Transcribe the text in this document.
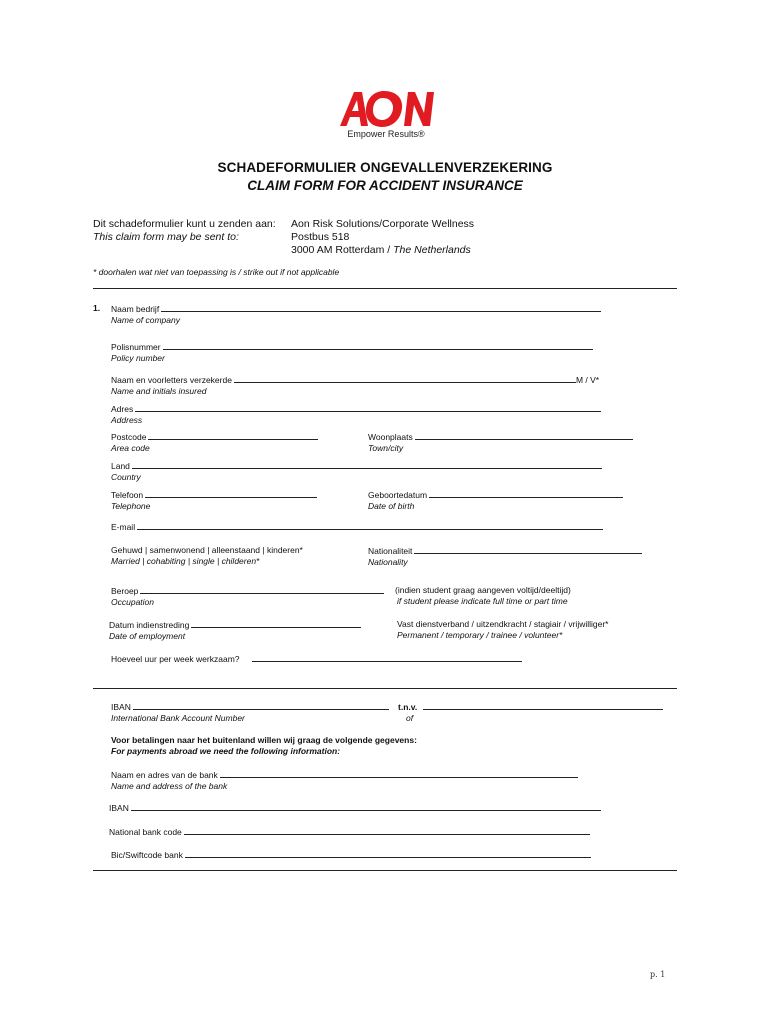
Empower Results®
SCHADEFORMULIER ONGEVALLENVERZEKERING
CLAIM FORM FOR ACCIDENT INSURANCE
Dit schadeformulier kunt u zenden aan:
This claim form may be sent to:
Aon Risk Solutions/Corporate Wellness
Postbus 518
3000 AM Rotterdam / The Netherlands
* doorhalen wat niet van toepassing is / strike out if not applicable
1. Naam bedrijf
Name of company
Polisnummer
Policy number
Naam en voorletters verzekerde	M / V*
Name and initials insured
Adres
Address
Postcode
Area code
Woonplaats
Town/city
Land
Country
Telefoon
Telephone
Geboortedatum
Date of birth
E-mail
Gehuwd | samenwonend | alleenstaand | kinderen*
Married | cohabiting | single | childeren*
Nationaliteit
Nationality
Beroep
Occupation
(indien student graag aangeven voltijd/deeltijd)
if student please indicate full time or part time
Datum indienstreding
Date of employment
Vast dienstverband / uitzendkracht / stagiair / vrijwilliger*
Permanent / temporary / trainee / volunteer*
Hoeveel uur per week werkzaam?
IBAN
International Bank Account Number
t.n.v.
of
Voor betalingen naar het buitenland willen wij graag de volgende gegevens:
For payments abroad we need the following information:
Naam en adres van de bank
Name and address of the bank
IBAN
National bank code
Bic/Swiftcode bank
p. 1
